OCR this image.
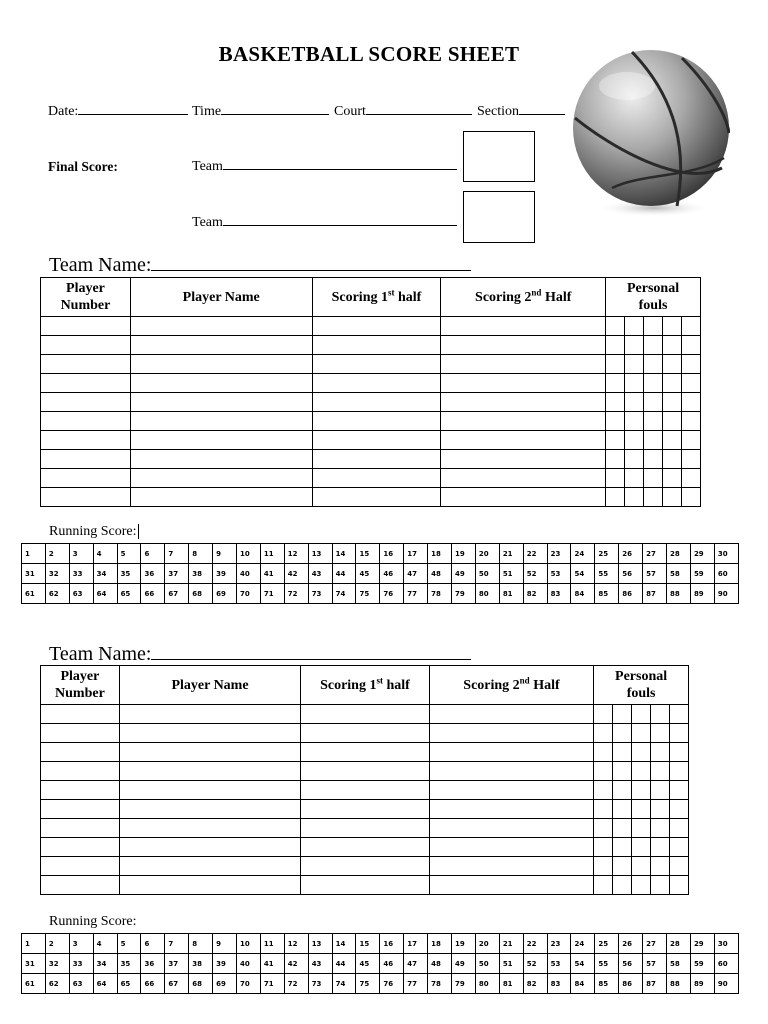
BASKETBALL SCORE SHEET
Date:	Time	Court	Section
Final Score:	Team
Team
Team Name:
Player
Number	Player Name	Scoring 1st half	Scoring 2nd Half	Personal
fouls				

Running Score:
1	2	3	4	5	6	7	8	9	10	11	12	13	14	15	16	17	18	19	20	21	22	23	24	25	26	27	28	29	30
31	32	33	34	35	36	37	38	39	40	41	42	43	44	45	46	47	48	49	50	51	52	53	54	55	56	57	58	59	60
61	62	63	64	65	66	67	68	69	70	71	72	73	74	75	76	77	78	79	80	81	82	83	84	85	86	87	88	89	90
Team Name:
Player
Number	Player Name	Scoring 1st half	Scoring 2nd Half	Personal
fouls				

Running Score:
1	2	3	4	5	6	7	8	9	10	11	12	13	14	15	16	17	18	19	20	21	22	23	24	25	26	27	28	29	30
31	32	33	34	35	36	37	38	39	40	41	42	43	44	45	46	47	48	49	50	51	52	53	54	55	56	57	58	59	60
61	62	63	64	65	66	67	68	69	70	71	72	73	74	75	76	77	78	79	80	81	82	83	84	85	86	87	88	89	90
